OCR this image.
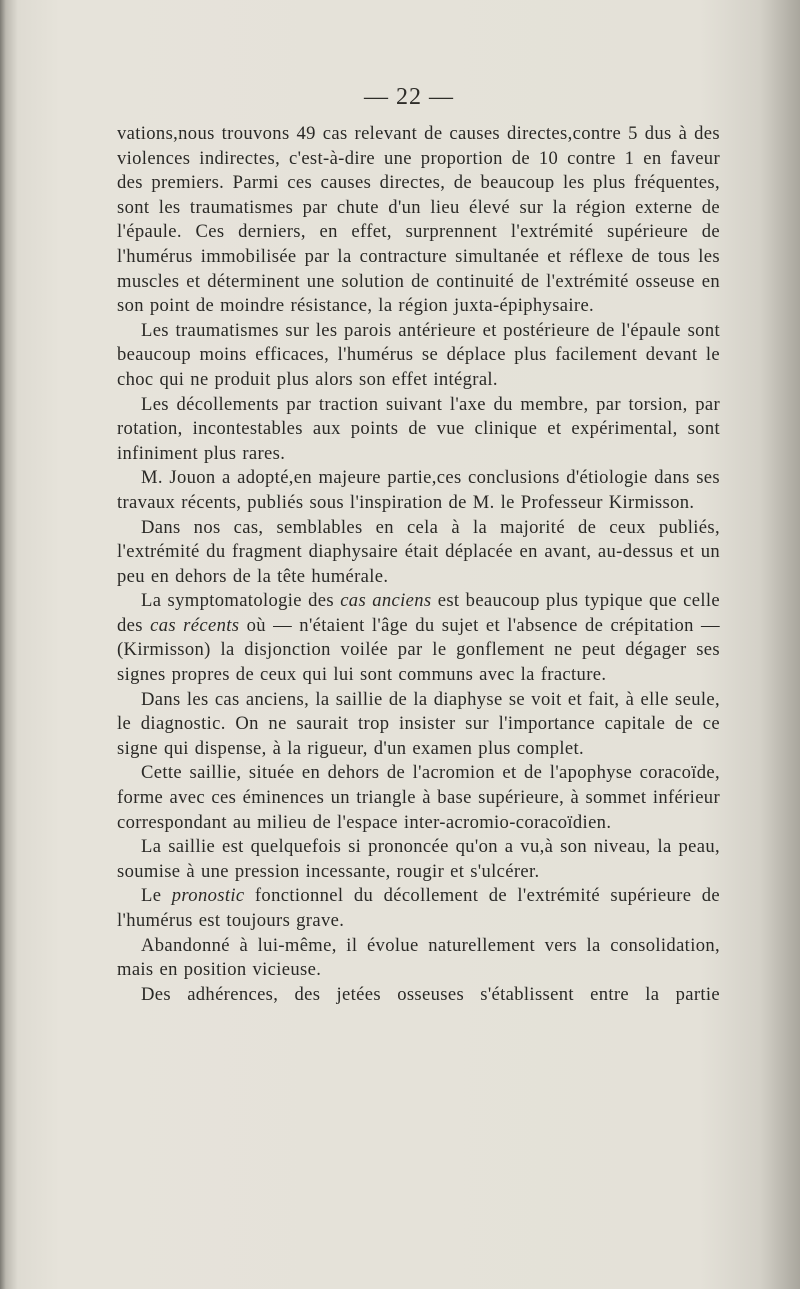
— 22 —

vations,nous trouvons 49 cas relevant de causes directes,contre 5 dus à des violences indirectes, c'est-à-dire une proportion de 10 contre 1 en faveur des premiers. Parmi ces causes directes, de beaucoup les plus fréquentes, sont les traumatismes par chute d'un lieu élevé sur la région externe de l'épaule. Ces derniers, en effet, surprennent l'extrémité supérieure de l'humérus immobilisée par la contracture simultanée et réflexe de tous les muscles et déterminent une solution de continuité de l'extrémité osseuse en son point de moindre résistance, la région juxta-épiphysaire.

Les traumatismes sur les parois antérieure et postérieure de l'épaule sont beaucoup moins efficaces, l'humérus se déplace plus facilement devant le choc qui ne produit plus alors son effet intégral.

Les décollements par traction suivant l'axe du membre, par torsion, par rotation, incontestables aux points de vue clinique et expérimental, sont infiniment plus rares.

M. Jouon a adopté,en majeure partie,ces conclusions d'étiologie dans ses travaux récents, publiés sous l'inspiration de M. le Professeur Kirmisson.

Dans nos cas, semblables en cela à la majorité de ceux publiés, l'extrémité du fragment diaphysaire était déplacée en avant, au-dessus et un peu en dehors de la tête humérale.

La symptomatologie des cas anciens est beaucoup plus typique que celle des cas récents où — n'étaient l'âge du sujet et l'absence de crépitation — (Kirmisson) la disjonction voilée par le gonflement ne peut dégager ses signes propres de ceux qui lui sont communs avec la fracture.

Dans les cas anciens, la saillie de la diaphyse se voit et fait, à elle seule, le diagnostic. On ne saurait trop insister sur l'importance capitale de ce signe qui dispense, à la rigueur, d'un examen plus complet.

Cette saillie, située en dehors de l'acromion et de l'apophyse coracoïde, forme avec ces éminences un triangle à base supérieure, à sommet inférieur correspondant au milieu de l'espace inter-acromio-coracoïdien.

La saillie est quelquefois si prononcée qu'on a vu,à son niveau, la peau, soumise à une pression incessante, rougir et s'ulcérer.

Le pronostic fonctionnel du décollement de l'extrémité supérieure de l'humérus est toujours grave.

Abandonné à lui-même, il évolue naturellement vers la consolidation, mais en position vicieuse.

Des adhérences, des jetées osseuses s'établissent entre la partie
